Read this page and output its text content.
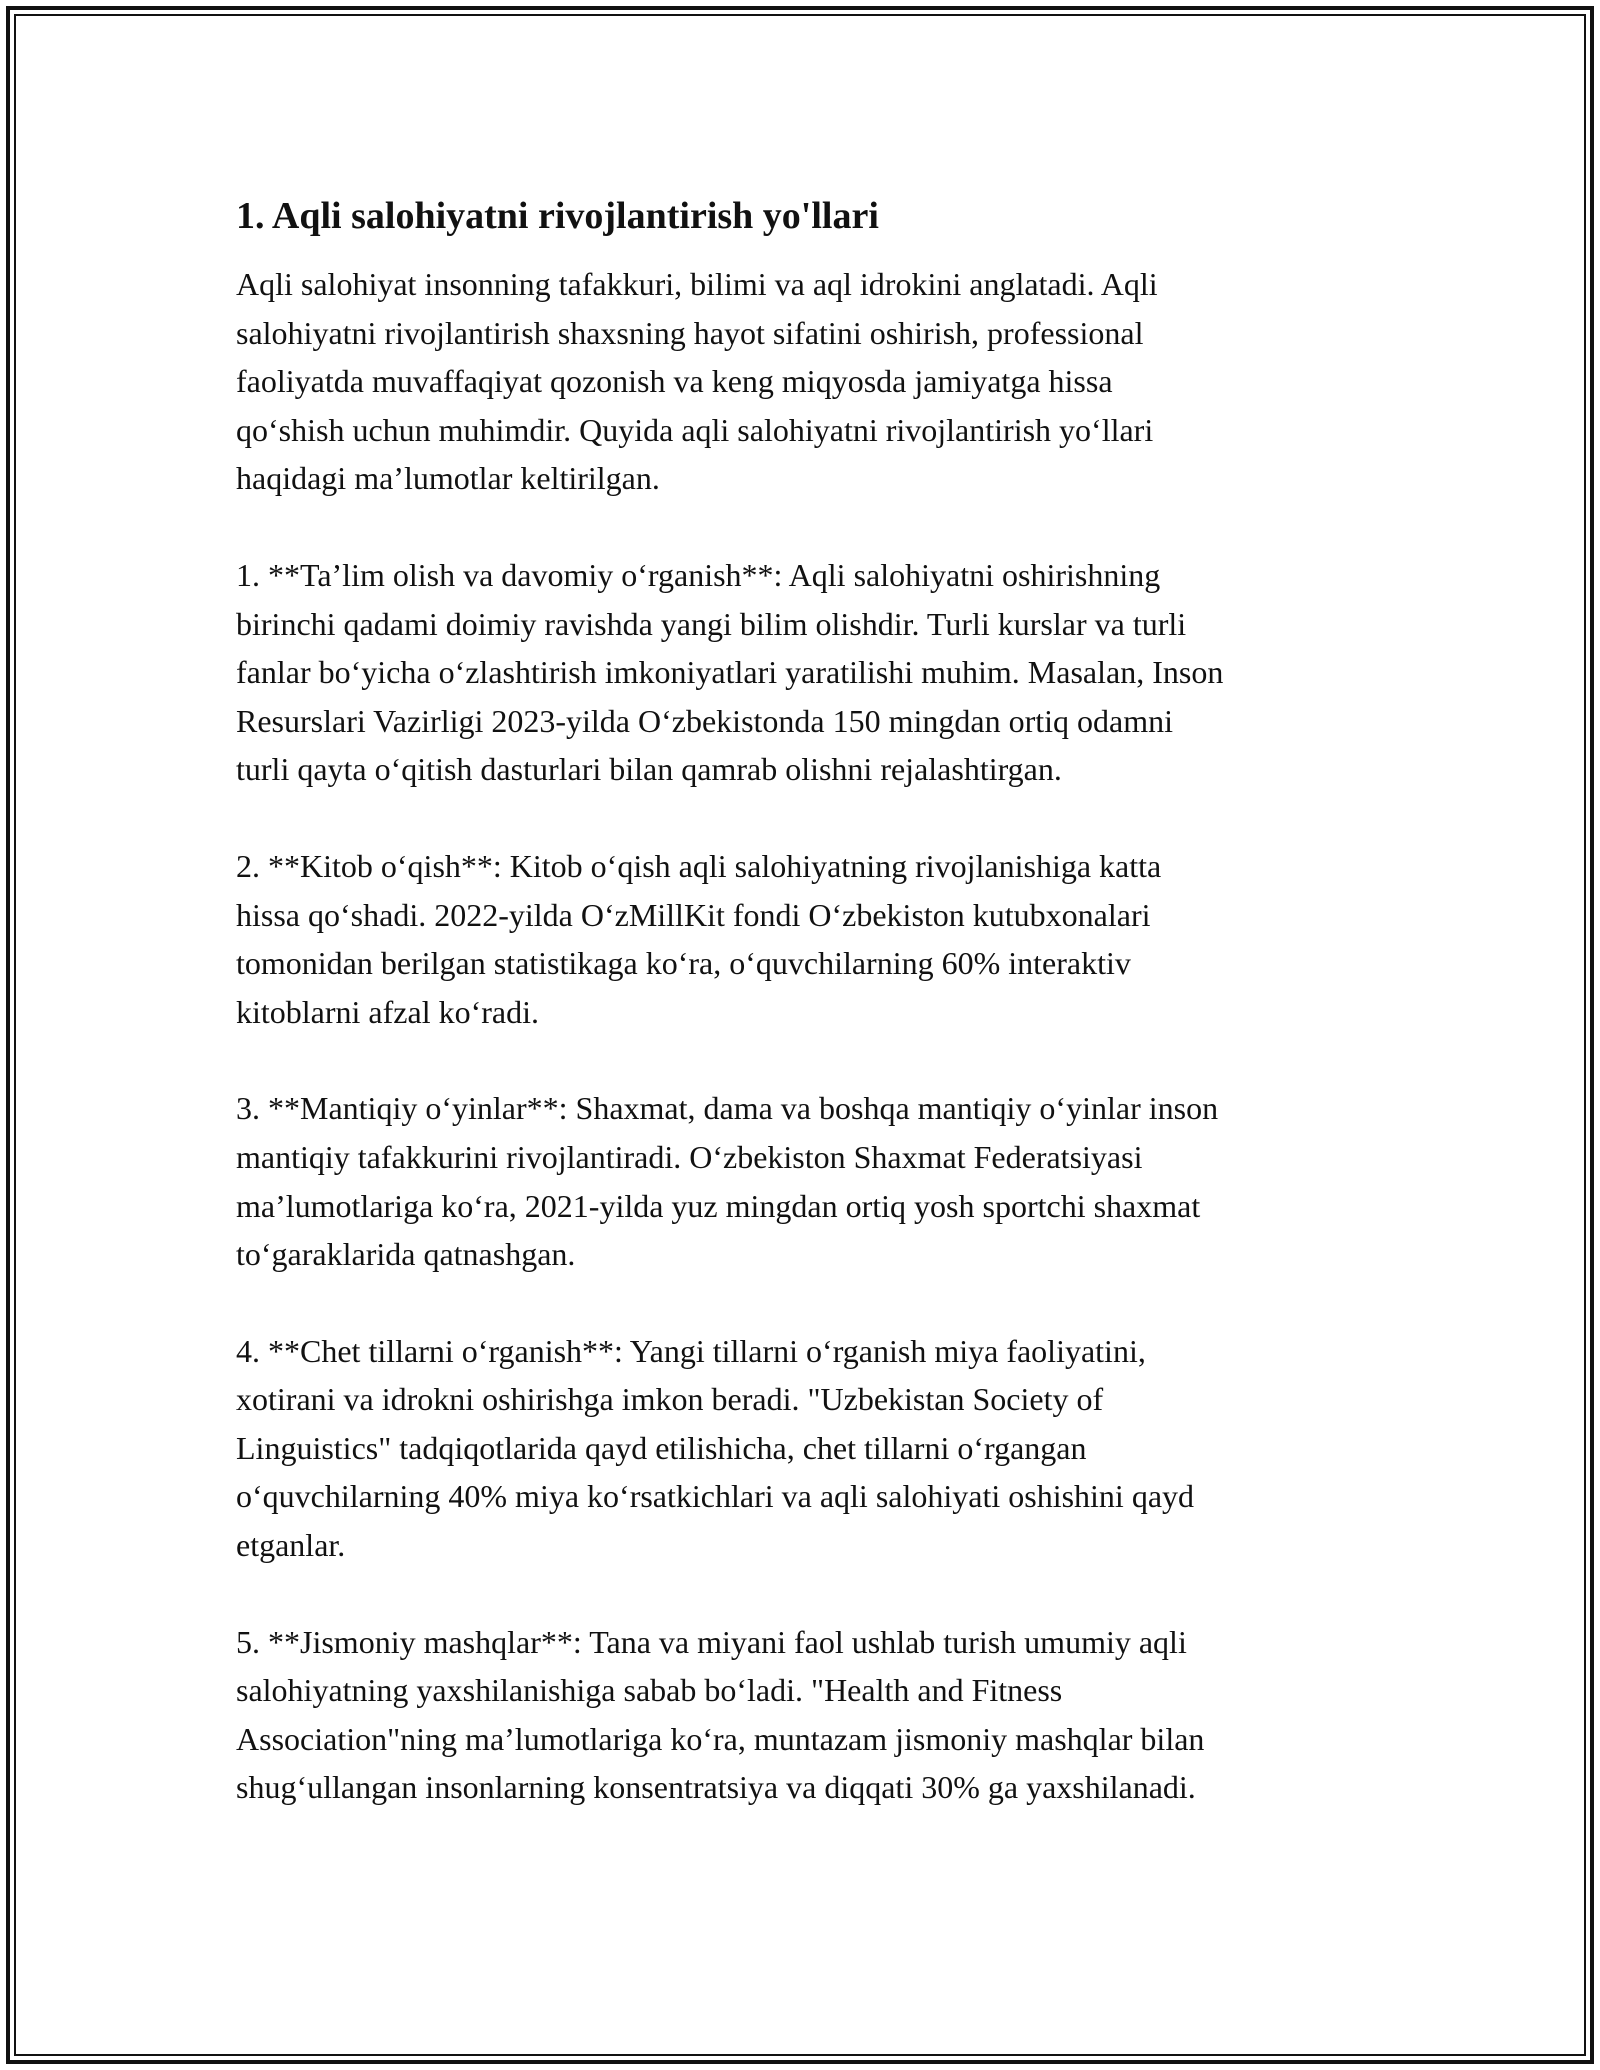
1. Aqli salohiyatni rivojlantirish yo'llari

Aqli salohiyat insonning tafakkuri, bilimi va aql idrokini anglatadi. Aqli
salohiyatni rivojlantirish shaxsning hayot sifatini oshirish, professional
faoliyatda muvaffaqiyat qozonish va keng miqyosda jamiyatga hissa
qo‘shish uchun muhimdir. Quyida aqli salohiyatni rivojlantirish yo‘llari
haqidagi ma’lumotlar keltirilgan.

1. **Ta’lim olish va davomiy o‘rganish**: Aqli salohiyatni oshirishning
birinchi qadami doimiy ravishda yangi bilim olishdir. Turli kurslar va turli
fanlar bo‘yicha o‘zlashtirish imkoniyatlari yaratilishi muhim. Masalan, Inson
Resurslari Vazirligi 2023-yilda O‘zbekistonda 150 mingdan ortiq odamni
turli qayta o‘qitish dasturlari bilan qamrab olishni rejalashtirgan.

2. **Kitob o‘qish**: Kitob o‘qish aqli salohiyatning rivojlanishiga katta
hissa qo‘shadi. 2022-yilda O‘zMillKit fondi O‘zbekiston kutubxonalari
tomonidan berilgan statistikaga ko‘ra, o‘quvchilarning 60% interaktiv
kitoblarni afzal ko‘radi.

3. **Mantiqiy o‘yinlar**: Shaxmat, dama va boshqa mantiqiy o‘yinlar inson
mantiqiy tafakkurini rivojlantiradi. O‘zbekiston Shaxmat Federatsiyasi
ma’lumotlariga ko‘ra, 2021-yilda yuz mingdan ortiq yosh sportchi shaxmat
to‘garaklarida qatnashgan.

4. **Chet tillarni o‘rganish**: Yangi tillarni o‘rganish miya faoliyatini,
xotirani va idrokni oshirishga imkon beradi. "Uzbekistan Society of
Linguistics" tadqiqotlarida qayd etilishicha, chet tillarni o‘rgangan
o‘quvchilarning 40% miya ko‘rsatkichlari va aqli salohiyati oshishini qayd
etganlar.

5. **Jismoniy mashqlar**: Tana va miyani faol ushlab turish umumiy aqli
salohiyatning yaxshilanishiga sabab bo‘ladi. "Health and Fitness
Association"ning ma’lumotlariga ko‘ra, muntazam jismoniy mashqlar bilan
shug‘ullangan insonlarning konsentratsiya va diqqati 30% ga yaxshilanadi.
